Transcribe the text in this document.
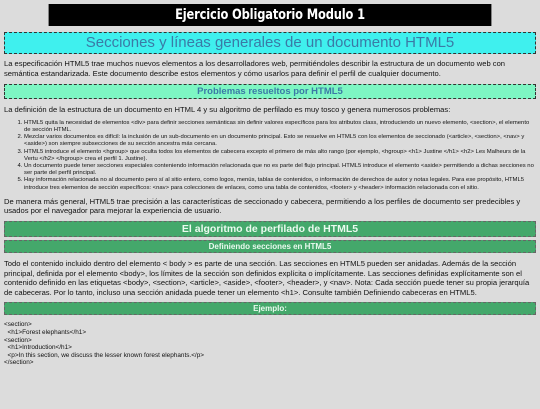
Ejercicio Obligatorio Modulo 1
Secciones y líneas generales de un documento HTML5

La especificación HTML5 trae muchos nuevos elementos a los desarrolladores web, permitiéndoles describir la estructura de un documento web con semántica estandarizada. Este documento describe estos elementos y cómo usarlos para definir el perfil de cualquier documento.

Problemas resueltos por HTML5

La definición de la estructura de un documento en HTML 4 y su algoritmo de perfilado es muy tosco y genera numerosos problemas:

1. HTML5 quita la necesidad de elementos <div> para definir secciones semánticas sin definir valores específicos para los atributos class, introduciendo un nuevo elemento, <section>, el elemento de sección HTML.
2. Mezclar varios documentos es difícil: la inclusión de un sub-documento en un documento principal. Esto se resuelve en HTML5 con los elementos de seccionado (<article>, <section>, <nav> y <aside>) son siempre subsecciones de su sección ancestra más cercana.
3. HTML5 introduce el elemento <hgroup> que oculta todos los elementos de cabecera excepto el primero de más alto rango (por ejemplo, <hgroup> <h1> Justine </h1> <h2> Les Malheurs de la Vertu </h2> </hgroup> crea el perfil 1. Justine).
4. Un documento puede tener secciones especiales conteniendo información relacionada que no es parte del flujo principal. HTML5 introduce el elemento <aside> permitiendo a dichas secciones no ser parte del perfil principal.
5. Hay información relacionada no al documento pero sí al sitio entero, como logos, menús, tablas de contenidos, o información de derechos de autor y notas legales. Para ese propósito, HTML5 introduce tres elementos de sección específicos: <nav> para colecciones de enlaces, como una tabla de contenidos, <footer> y <header> información relacionada con el sitio.

De manera más general, HTML5 trae precisión a las características de seccionado y cabecera, permitiendo a los perfiles de documento ser predecibles y usados por el navegador para mejorar la experiencia de usuario.

El algoritmo de perfilado de HTML5
Definiendo secciones en HTML5

Todo el contenido incluido dentro del elemento < body > es parte de una sección. Las secciones en HTML5 pueden ser anidadas. Además de la sección principal, definida por el elemento <body>, los límites de la sección son definidos explícita o implícitamente. Las secciones definidas explícitamente son el contenido definido en las etiquetas <body>, <section>, <article>, <aside>, <footer>, <header>, y <nav>. Nota: Cada sección puede tener su propia jerarquía de cabeceras. Por lo tanto, incluso una sección anidada puede tener un elemento <h1>. Consulte también Definiendo cabeceras en HTML5.

Ejemplo:
<section>
<h1>Forest elephants</h1>
<section>
<h1>Introduction</h1>
<p>In this section, we discuss the lesser known forest elephants.</p>
</section>
